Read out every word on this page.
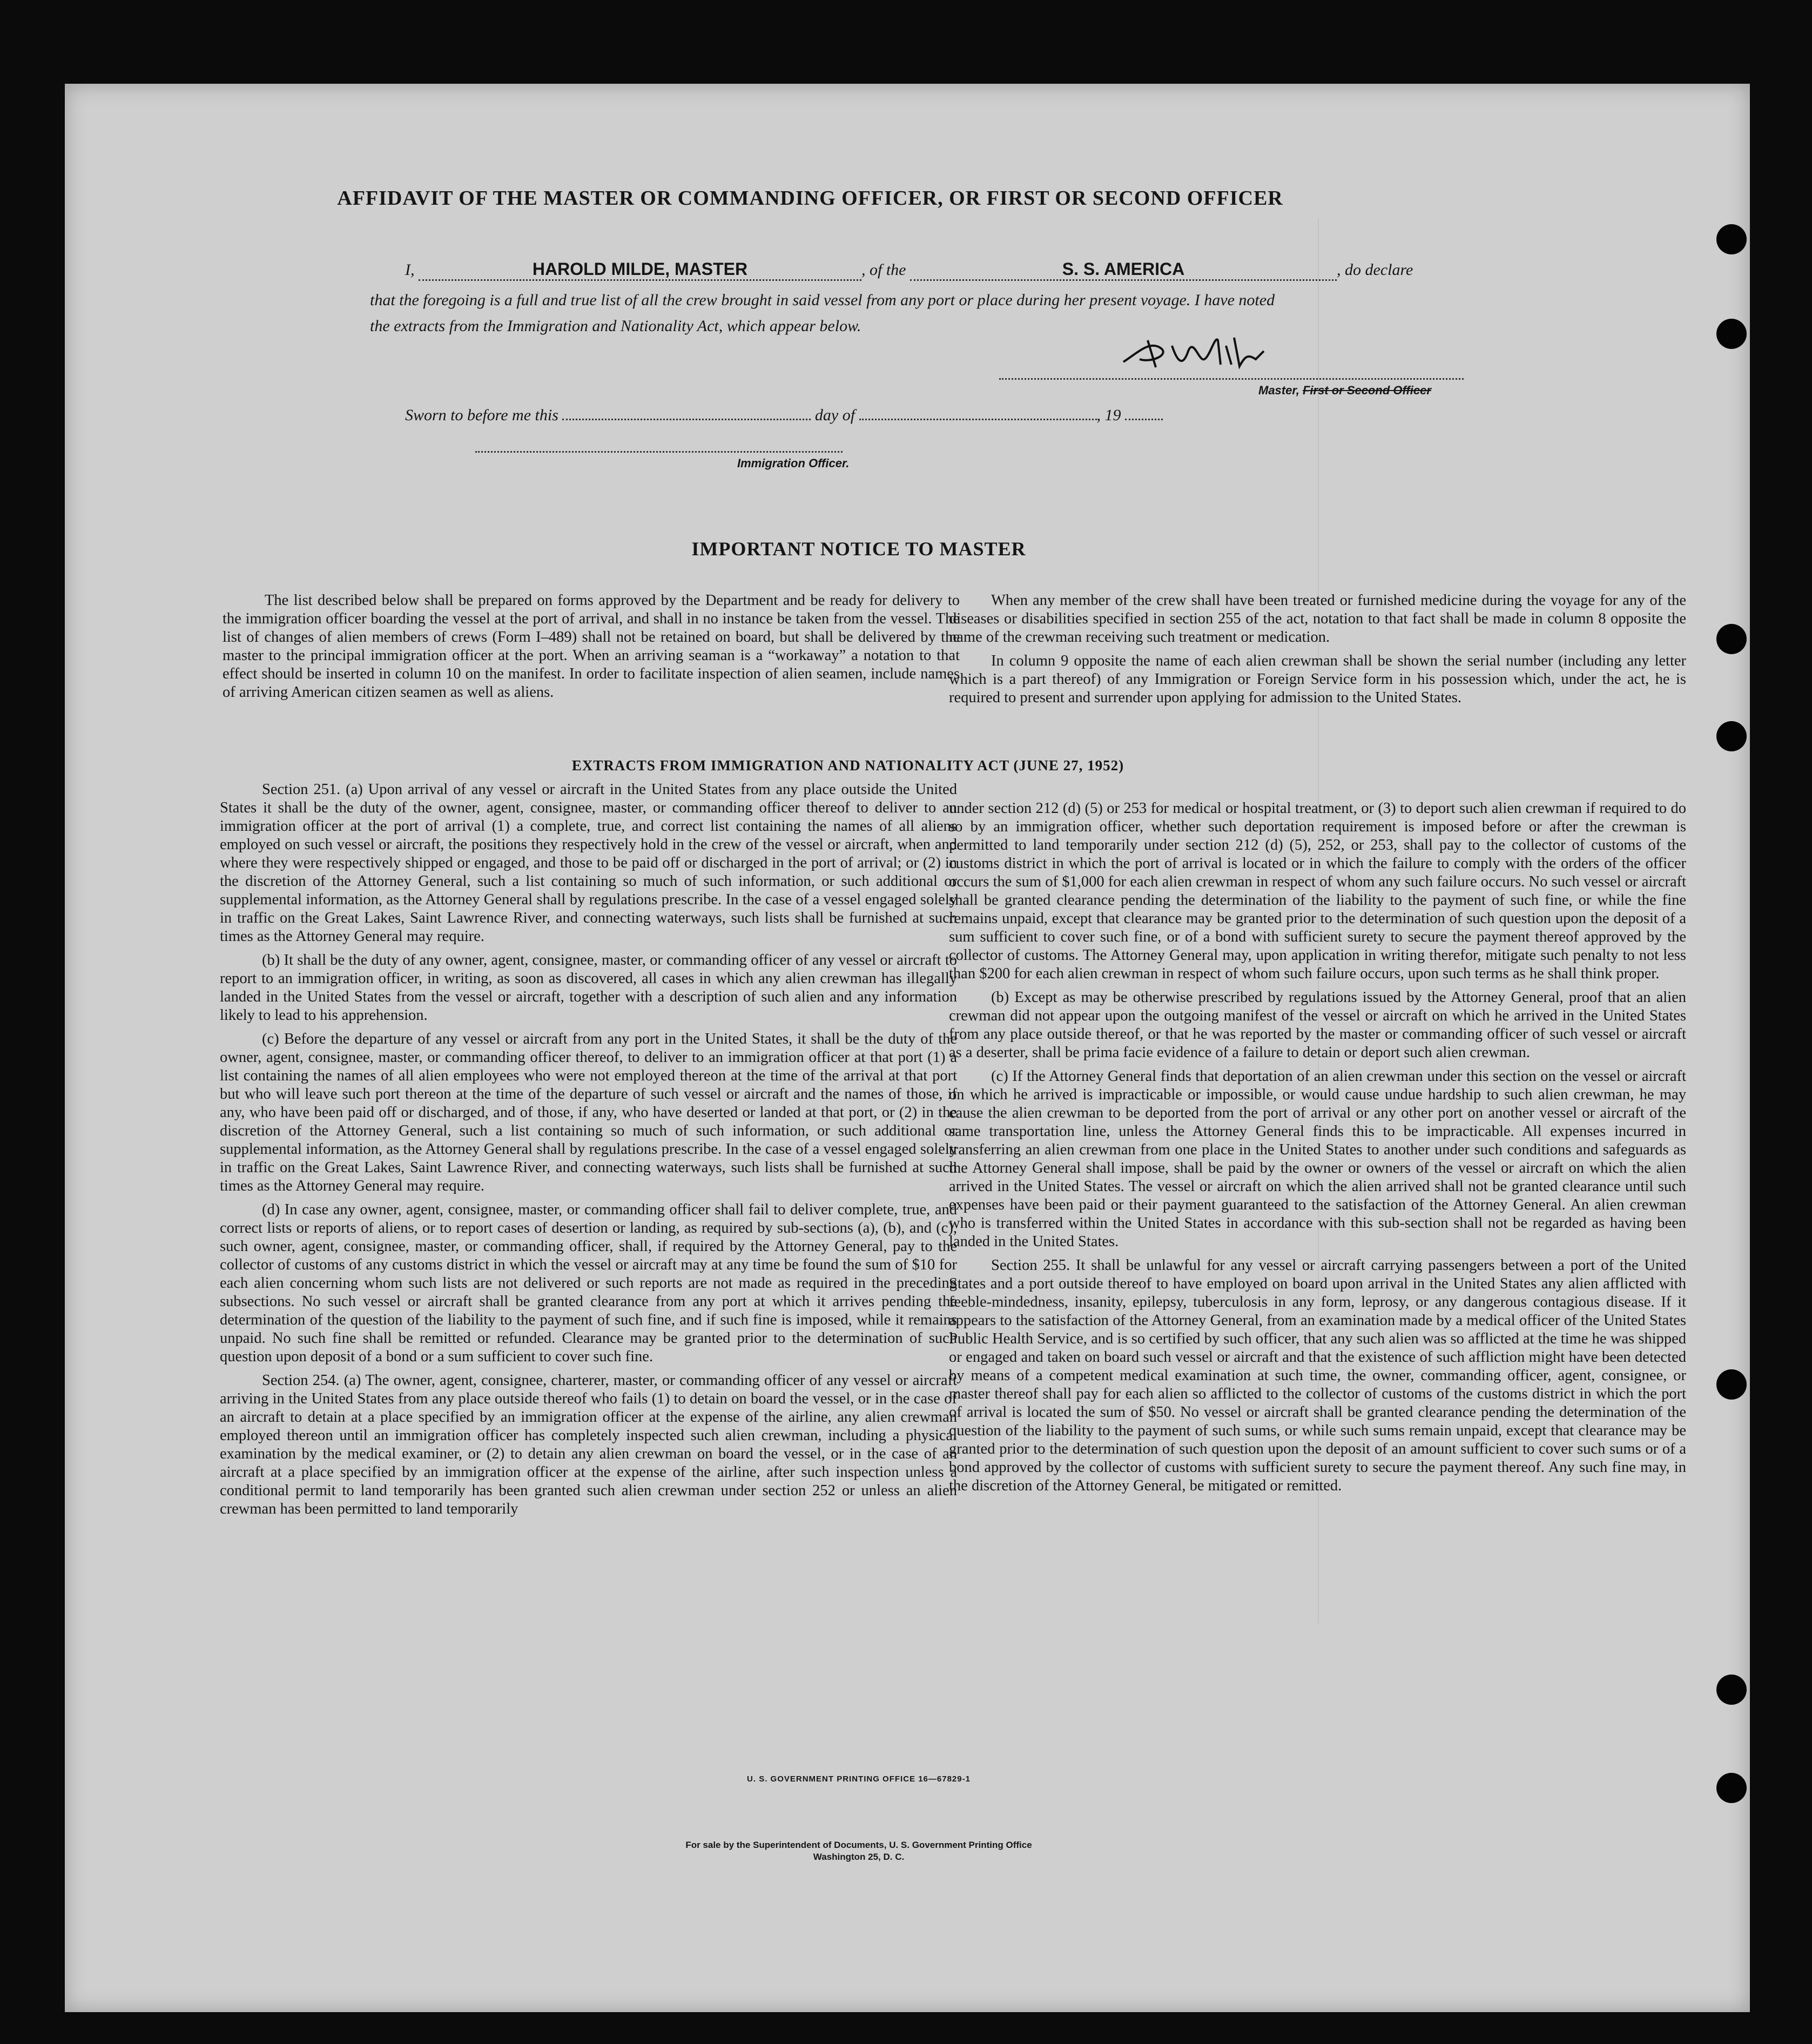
AFFIDAVIT OF THE MASTER OR COMMANDING OFFICER, OR FIRST OR SECOND OFFICER
I,	HAROLD MILDE, MASTER	, of the	S. S. AMERICA	, do declare
that the foregoing is a full and true list of all the crew brought in said vessel from any port or place during her present voyage. I have noted
the extracts from the Immigration and Nationality Act, which appear below.
Master, First or Second Officer
Sworn to before me this	day of	, 19
Immigration Officer.
IMPORTANT NOTICE TO MASTER

The list described below shall be prepared on forms approved by the Department and be ready for delivery to the immigration officer boarding the vessel at the port of arrival, and shall in no instance be taken from the vessel. The list of changes of alien members of crews (Form I–489) shall not be retained on board, but shall be delivered by the master to the principal immigration officer at the port. When an arriving seaman is a “workaway” a notation to that effect should be inserted in column 10 on the manifest. In order to facilitate inspection of alien seamen, include names of arriving American citizen seamen as well as aliens.

When any member of the crew shall have been treated or furnished medicine during the voyage for any of the diseases or disabilities specified in section 255 of the act, notation to that fact shall be made in column 8 opposite the name of the crewman receiving such treatment or medication.

In column 9 opposite the name of each alien crewman shall be shown the serial number (including any letter which is a part thereof) of any Immigration or Foreign Service form in his possession which, under the act, he is required to present and surrender upon applying for admission to the United States.

EXTRACTS FROM IMMIGRATION AND NATIONALITY ACT (JUNE 27, 1952)

Section 251. (a) Upon arrival of any vessel or aircraft in the United States from any place outside the United States it shall be the duty of the owner, agent, consignee, master, or commanding officer thereof to deliver to an immigration officer at the port of arrival (1) a complete, true, and correct list containing the names of all aliens employed on such vessel or aircraft, the positions they respectively hold in the crew of the vessel or aircraft, when and where they were respectively shipped or engaged, and those to be paid off or discharged in the port of arrival; or (2) in the discretion of the Attorney General, such a list containing so much of such information, or such additional or supplemental information, as the Attorney General shall by regulations prescribe. In the case of a vessel engaged solely in traffic on the Great Lakes, Saint Lawrence River, and connecting waterways, such lists shall be furnished at such times as the Attorney General may require.

(b) It shall be the duty of any owner, agent, consignee, master, or commanding officer of any vessel or aircraft to report to an immigration officer, in writing, as soon as discovered, all cases in which any alien crewman has illegally landed in the United States from the vessel or aircraft, together with a description of such alien and any information likely to lead to his apprehension.

(c) Before the departure of any vessel or aircraft from any port in the United States, it shall be the duty of the owner, agent, consignee, master, or commanding officer thereof, to deliver to an immigration officer at that port (1) a list containing the names of all alien employees who were not employed thereon at the time of the arrival at that port but who will leave such port thereon at the time of the departure of such vessel or aircraft and the names of those, if any, who have been paid off or discharged, and of those, if any, who have deserted or landed at that port, or (2) in the discretion of the Attorney General, such a list containing so much of such information, or such additional or supplemental information, as the Attorney General shall by regulations prescribe. In the case of a vessel engaged solely in traffic on the Great Lakes, Saint Lawrence River, and connecting waterways, such lists shall be furnished at such times as the Attorney General may require.

(d) In case any owner, agent, consignee, master, or commanding officer shall fail to deliver complete, true, and correct lists or reports of aliens, or to report cases of desertion or landing, as required by sub-sections (a), (b), and (c), such owner, agent, consignee, master, or commanding officer, shall, if required by the Attorney General, pay to the collector of customs of any customs district in which the vessel or aircraft may at any time be found the sum of $10 for each alien concerning whom such lists are not delivered or such reports are not made as required in the preceding subsections. No such vessel or aircraft shall be granted clearance from any port at which it arrives pending the determination of the question of the liability to the payment of such fine, and if such fine is imposed, while it remains unpaid. No such fine shall be remitted or refunded. Clearance may be granted prior to the determination of such question upon deposit of a bond or a sum sufficient to cover such fine.

Section 254. (a) The owner, agent, consignee, charterer, master, or commanding officer of any vessel or aircraft arriving in the United States from any place outside thereof who fails (1) to detain on board the vessel, or in the case of an aircraft to detain at a place specified by an immigration officer at the expense of the airline, any alien crewman employed thereon until an immigration officer has completely inspected such alien crewman, including a physical examination by the medical examiner, or (2) to detain any alien crewman on board the vessel, or in the case of an aircraft at a place specified by an immigration officer at the expense of the airline, after such inspection unless a conditional permit to land temporarily has been granted such alien crewman under section 252 or unless an alien crewman has been permitted to land temporarily

under section 212 (d) (5) or 253 for medical or hospital treatment, or (3) to deport such alien crewman if required to do so by an immigration officer, whether such deportation requirement is imposed before or after the crewman is permitted to land temporarily under section 212 (d) (5), 252, or 253, shall pay to the collector of customs of the customs district in which the port of arrival is located or in which the failure to comply with the orders of the officer occurs the sum of $1,000 for each alien crewman in respect of whom any such failure occurs. No such vessel or aircraft shall be granted clearance pending the determination of the liability to the payment of such fine, or while the fine remains unpaid, except that clearance may be granted prior to the determination of such question upon the deposit of a sum sufficient to cover such fine, or of a bond with sufficient surety to secure the payment thereof approved by the collector of customs. The Attorney General may, upon application in writing therefor, mitigate such penalty to not less than $200 for each alien crewman in respect of whom such failure occurs, upon such terms as he shall think proper.

(b) Except as may be otherwise prescribed by regulations issued by the Attorney General, proof that an alien crewman did not appear upon the outgoing manifest of the vessel or aircraft on which he arrived in the United States from any place outside thereof, or that he was reported by the master or commanding officer of such vessel or aircraft as a deserter, shall be prima facie evidence of a failure to detain or deport such alien crewman.

(c) If the Attorney General finds that deportation of an alien crewman under this section on the vessel or aircraft on which he arrived is impracticable or impossible, or would cause undue hardship to such alien crewman, he may cause the alien crewman to be deported from the port of arrival or any other port on another vessel or aircraft of the same transportation line, unless the Attorney General finds this to be impracticable. All expenses incurred in transferring an alien crewman from one place in the United States to another under such conditions and safeguards as the Attorney General shall impose, shall be paid by the owner or owners of the vessel or aircraft on which the alien arrived in the United States. The vessel or aircraft on which the alien arrived shall not be granted clearance until such expenses have been paid or their payment guaranteed to the satisfaction of the Attorney General. An alien crewman who is transferred within the United States in accordance with this sub-section shall not be regarded as having been landed in the United States.

Section 255. It shall be unlawful for any vessel or aircraft carrying passengers between a port of the United States and a port outside thereof to have employed on board upon arrival in the United States any alien afflicted with feeble-mindedness, insanity, epilepsy, tuberculosis in any form, leprosy, or any dangerous contagious disease. If it appears to the satisfaction of the Attorney General, from an examination made by a medical officer of the United States Public Health Service, and is so certified by such officer, that any such alien was so afflicted at the time he was shipped or engaged and taken on board such vessel or aircraft and that the existence of such affliction might have been detected by means of a competent medical examination at such time, the owner, commanding officer, agent, consignee, or master thereof shall pay for each alien so afflicted to the collector of customs of the customs district in which the port of arrival is located the sum of $50. No vessel or aircraft shall be granted clearance pending the determination of the question of the liability to the payment of such sums, or while such sums remain unpaid, except that clearance may be granted prior to the determination of such question upon the deposit of an amount sufficient to cover such sums or of a bond approved by the collector of customs with sufficient surety to secure the payment thereof. Any such fine may, in the discretion of the Attorney General, be mitigated or remitted.

U. S. GOVERNMENT PRINTING OFFICE 16—67829-1
For sale by the Superintendent of Documents, U. S. Government Printing Office
Washington 25, D. C.
